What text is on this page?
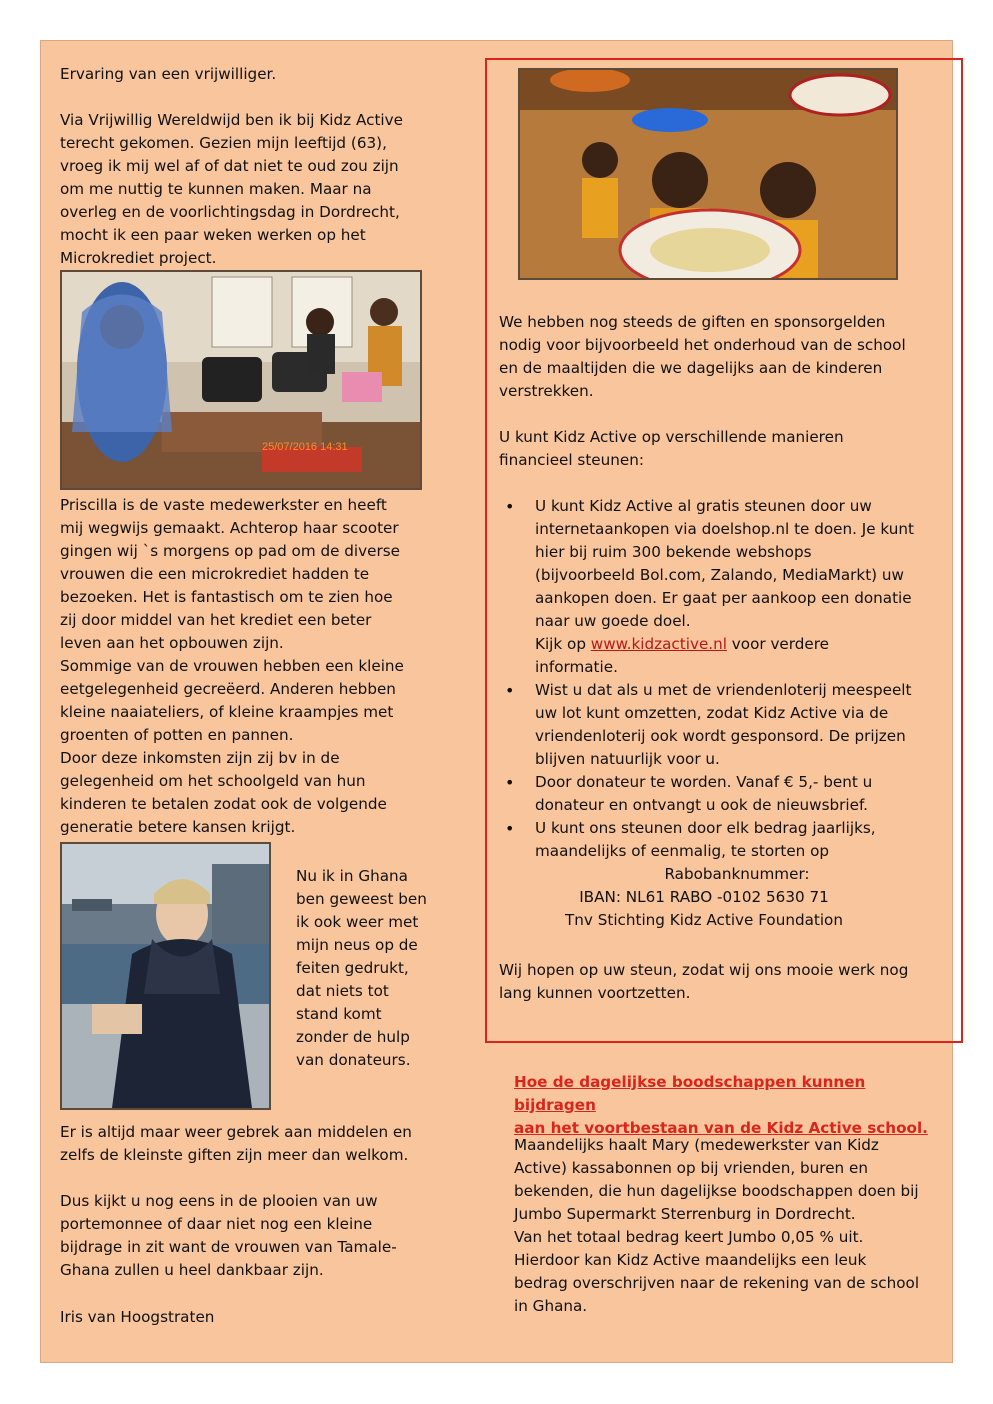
Ervaring van een vrijwilliger.

Via Vrijwillig Wereldwijd ben ik bij Kidz Active
terecht gekomen. Gezien mijn leeftijd (63),
vroeg ik mij wel af of dat niet te oud zou zijn
om me nuttig te kunnen maken. Maar na
overleg en de voorlichtingsdag in Dordrecht,
mocht ik een paar weken werken op het
Microkrediet project.

25/07/2016 14:31

Priscilla is de vaste medewerkster en heeft
mij wegwijs gemaakt. Achterop haar scooter
gingen wij `s morgens op pad om de diverse
vrouwen die een microkrediet hadden te
bezoeken. Het is fantastisch om te zien hoe
zij door middel van het krediet een beter
leven aan het opbouwen zijn.
Sommige van de vrouwen hebben een kleine
eetgelegenheid gecreëerd. Anderen hebben
kleine naaiateliers, of kleine kraampjes met
groenten of potten en pannen.
Door deze inkomsten zijn zij bv in de
gelegenheid om het schoolgeld van hun
kinderen te betalen zodat ook de volgende
generatie betere kansen krijgt.

Nu ik in Ghana
ben geweest ben
ik ook weer met
mijn neus op de
feiten gedrukt,
dat niets tot
stand komt
zonder de hulp
van donateurs.

Er is altijd maar weer gebrek aan middelen en
zelfs de kleinste giften zijn meer dan welkom.

Dus kijkt u nog eens in de plooien van uw
portemonnee of daar niet nog een kleine
bijdrage in zit want de vrouwen van Tamale-
Ghana zullen u heel dankbaar zijn.

Iris van Hoogstraten

We hebben nog steeds de giften en sponsorgelden
nodig voor bijvoorbeeld het onderhoud van de school
en de maaltijden die we dagelijks aan de kinderen
verstrekken.

U kunt Kidz Active op verschillende manieren
financieel steunen:

• U kunt Kidz Active al gratis steunen door uw
internetaankopen via doelshop.nl te doen. Je kunt
hier bij ruim 300 bekende webshops
(bijvoorbeeld Bol.com, Zalando, MediaMarkt) uw
aankopen doen. Er gaat per aankoop een donatie
naar uw goede doel.
Kijk op www.kidzactive.nl voor verdere
informatie.
• Wist u dat als u met de vriendenloterij meespeelt
uw lot kunt omzetten, zodat Kidz Active via de
vriendenloterij ook wordt gesponsord. De prijzen
blijven natuurlijk voor u.
• Door donateur te worden. Vanaf € 5,- bent u
donateur en ontvangt u ook de nieuwsbrief.
• U kunt ons steunen door elk bedrag jaarlijks,
maandelijks of eenmalig, te storten op
Rabobanknummer:

IBAN: NL61 RABO -0102 5630 71

Tnv Stichting Kidz Active Foundation

Wij hopen op uw steun, zodat wij ons mooie werk nog
lang kunnen voortzetten.

Hoe de dagelijkse boodschappen kunnen bijdragen
aan het voortbestaan van de Kidz Active school.

Maandelijks haalt Mary (medewerkster van Kidz
Active) kassabonnen op bij vrienden, buren en
bekenden, die hun dagelijkse boodschappen doen bij
Jumbo Supermarkt Sterrenburg in Dordrecht.
Van het totaal bedrag keert Jumbo 0,05 % uit.
Hierdoor kan Kidz Active maandelijks een leuk
bedrag overschrijven naar de rekening van de school
in Ghana.
